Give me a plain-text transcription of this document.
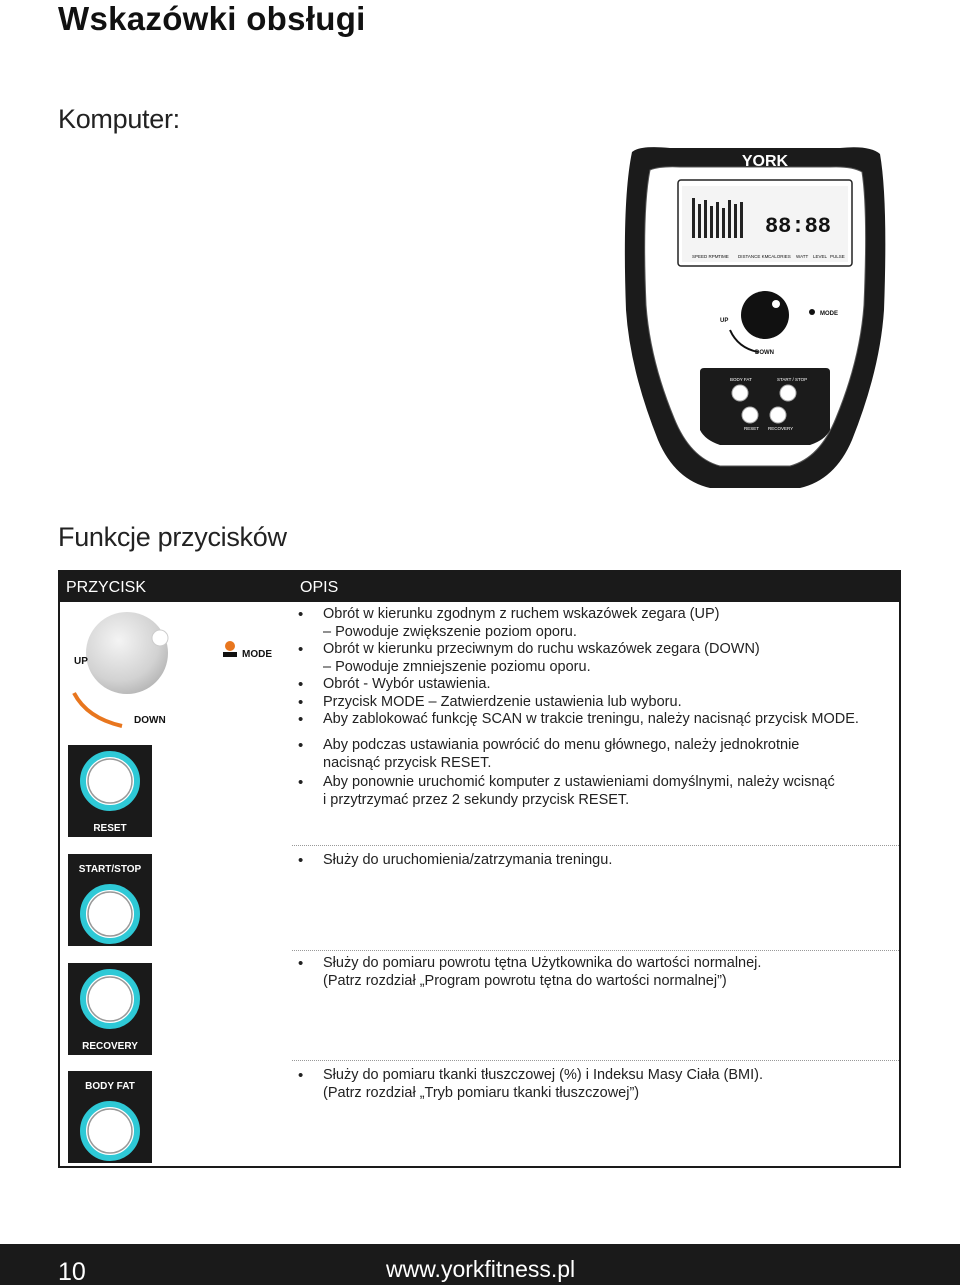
Wskazówki obsługi
Komputer:
YORK
FITNESS
88:88
SPEED RPM TIME DISTANCE KM CALORIES WATT LEVEL PULSE
UP
DOWN
MODE
BODY FAT	START / STOP
RESET RECOVERY
Funkcje przycisków
PRZYCISK	OPIS
UP
DOWN
MODE
• Obrót w kierunku zgodnym z ruchem wskazówek zegara (UP)
– Powoduje zwiększenie poziom oporu.
• Obrót w kierunku przeciwnym do ruchu wskazówek zegara (DOWN)
– Powoduje zmniejszenie poziomu oporu.
• Obrót - Wybór ustawienia.
• Przycisk MODE – Zatwierdzenie ustawienia lub wyboru.
• Aby zablokować funkcję SCAN w trakcie treningu, należy nacisnąć przycisk MODE.
RESET
• Aby podczas ustawiania powrócić do menu głównego, należy jednokrotnie
nacisnąć przycisk RESET.
• Aby ponownie uruchomić komputer z ustawieniami domyślnymi, należy wcisnąć
i przytrzymać przez 2 sekundy przycisk RESET.
START/STOP
• Służy do uruchomienia/zatrzymania treningu.
RECOVERY
• Służy do pomiaru powrotu tętna Użytkownika do wartości normalnej.
(Patrz rozdział „Program powrotu tętna do wartości normalnej”)
BODY FAT
• Służy do pomiaru tkanki tłuszczowej (%) i Indeksu Masy Ciała (BMI).
(Patrz rozdział „Tryb pomiaru tkanki tłuszczowej”)
10	www.yorkfitness.pl
